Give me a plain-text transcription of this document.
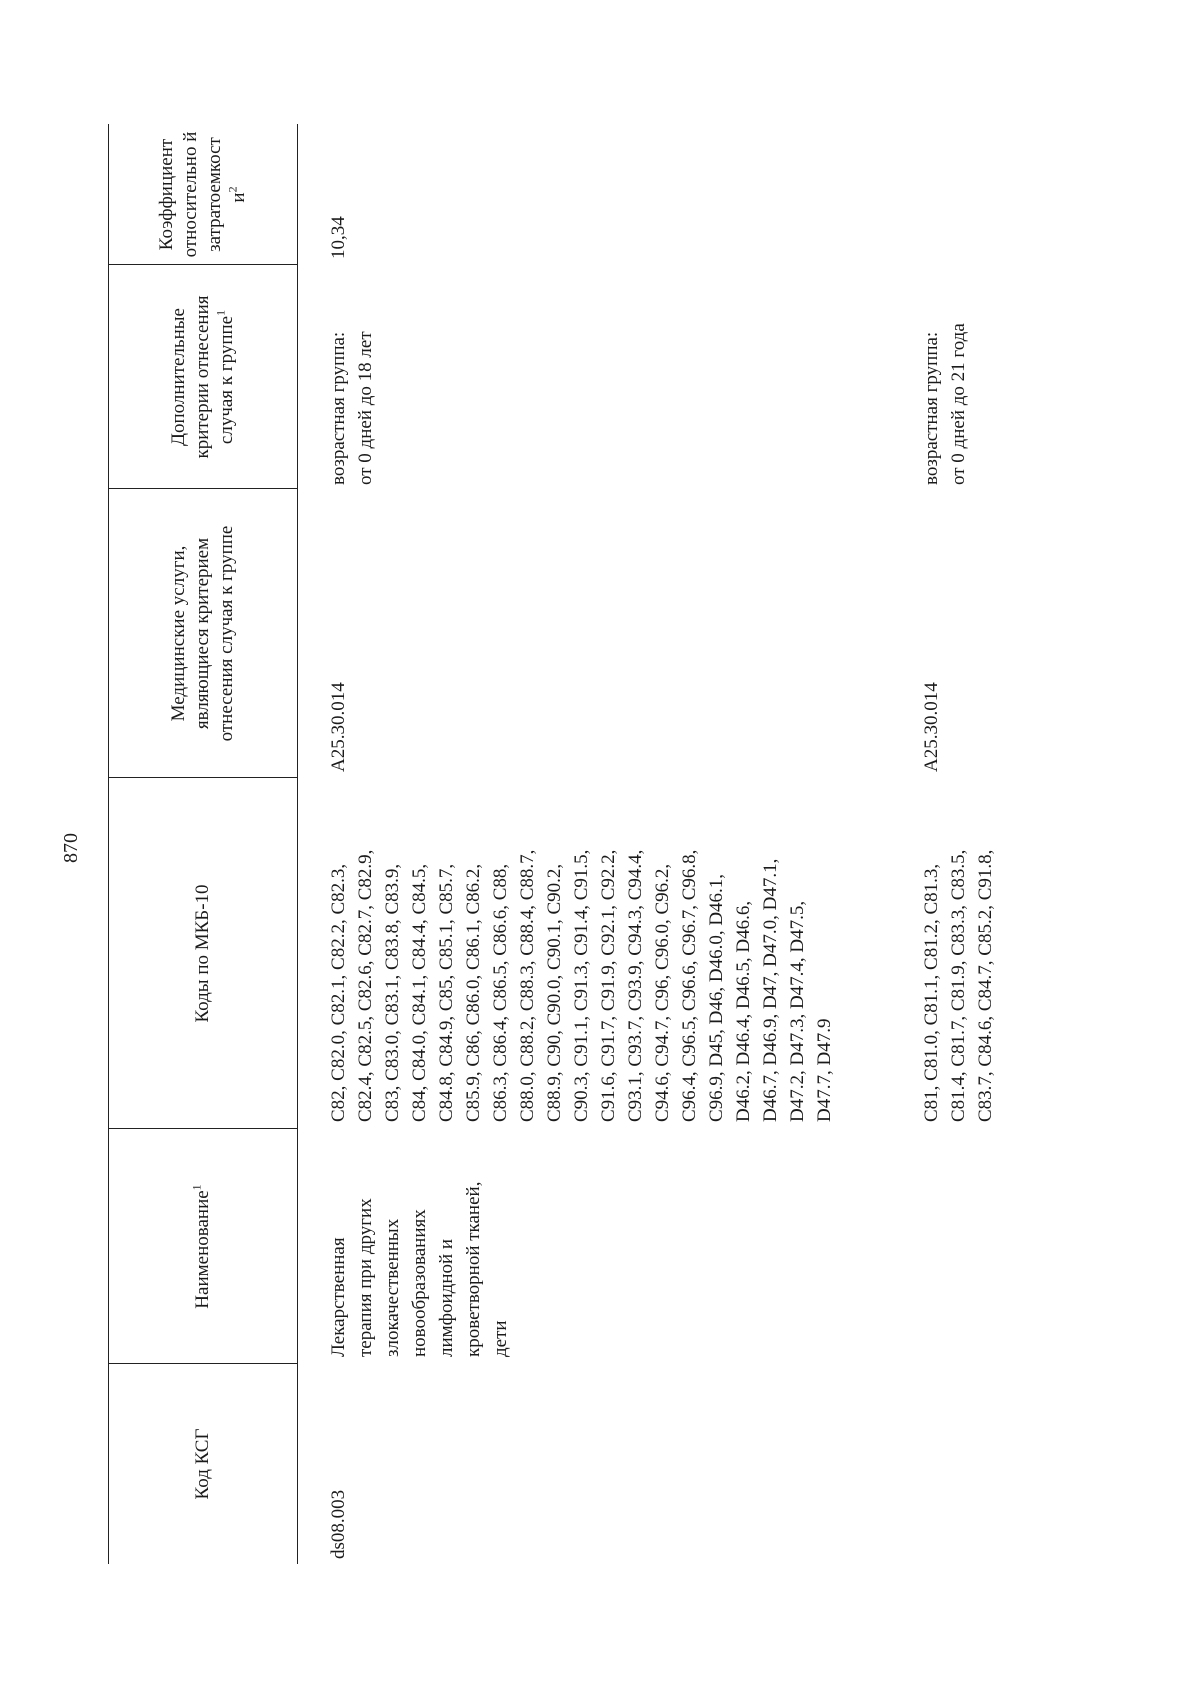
870
Код КСГ
Наименование$^1$
Коды по МКБ-10
Медицинские услуги, являющиеся критерием отнесения случая к группе
Дополнительные критерии отнесения случая к группе$^1$
Коэффициент относительно й затратоемкост $и^2$
ds08.003
Лекарственная
терапия при других
злокачественных
новообразованиях
лимфоидной и
кроветворной тканей,
дети
C82, C82.0, C82.1, C82.2, C82.3,
C82.4, C82.5, C82.6, C82.7, C82.9,
C83, C83.0, C83.1, C83.8, C83.9,
C84, C84.0, C84.1, C84.4, C84.5,
C84.8, C84.9, C85, C85.1, C85.7,
C85.9, C86, C86.0, C86.1, C86.2,
C86.3, C86.4, C86.5, C86.6, C88,
C88.0, C88.2, C88.3, C88.4, C88.7,
C88.9, C90, C90.0, C90.1, C90.2,
C90.3, C91.1, C91.3, C91.4, C91.5,
C91.6, C91.7, C91.9, C92.1, C92.2,
C93.1, C93.7, C93.9, C94.3, C94.4,
C94.6, C94.7, C96, C96.0, C96.2,
C96.4, C96.5, C96.6, C96.7, C96.8,
C96.9, D45, D46, D46.0, D46.1,
D46.2, D46.4, D46.5, D46.6,
D46.7, D46.9, D47, D47.0, D47.1,
D47.2, D47.3, D47.4, D47.5,
D47.7, D47.9
A25.30.014
возрастная группа:
от 0 дней до 18 лет
10,34
C81, C81.0, C81.1, C81.2, C81.3,
C81.4, C81.7, C81.9, C83.3, C83.5,
C83.7, C84.6, C84.7, C85.2, C91.8,
A25.30.014
возрастная группа:
от 0 дней до 21 года
